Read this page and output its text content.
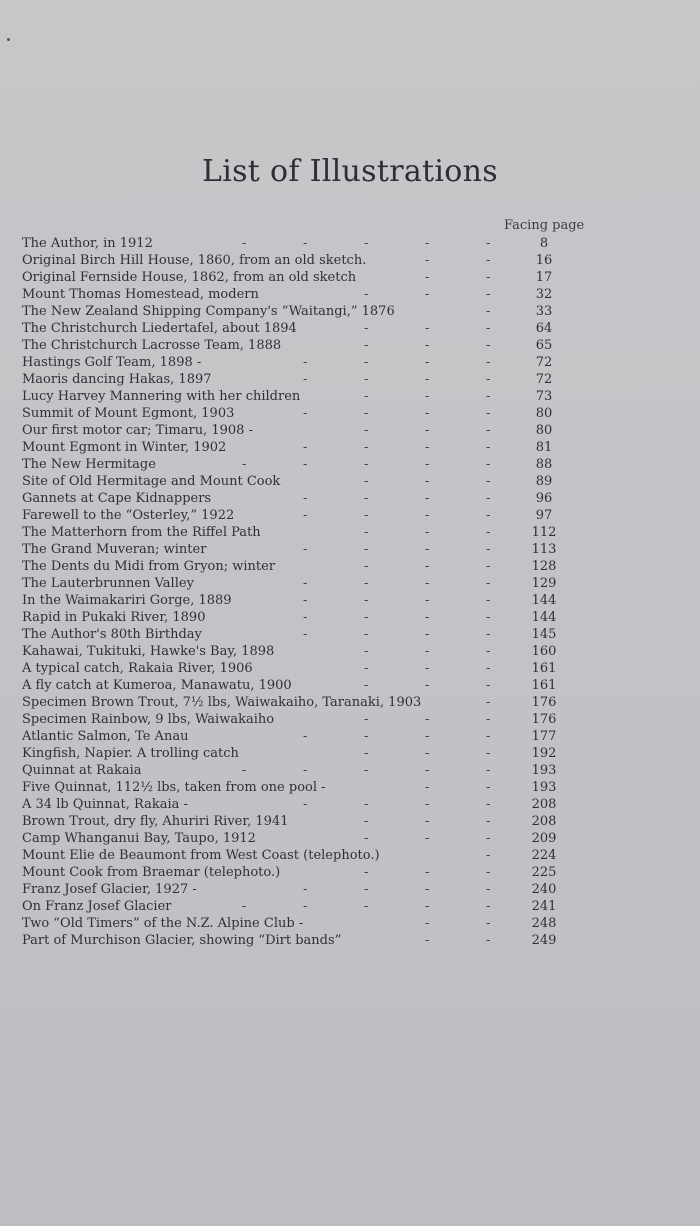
List of Illustrations
Facing page
The Author, in 1912	-	-	-	-	-	8
Original Birch Hill House, 1860, from an old sketch.	-	-	16
Original Fernside House, 1862, from an old sketch	-	-	17
Mount Thomas Homestead, modern	-	-	-	32
The New Zealand Shipping Company's “Waitangi,” 1876	-	33
The Christchurch Liedertafel, about 1894	-	-	-	64
The Christchurch Lacrosse Team, 1888	-	-	-	65
Hastings Golf Team, 1898 -	-	-	-	-	72
Maoris dancing Hakas, 1897	-	-	-	-	72
Lucy Harvey Mannering with her children	-	-	-	73
Summit of Mount Egmont, 1903	-	-	-	-	80
Our first motor car; Timaru, 1908 -	-	-	-	80
Mount Egmont in Winter, 1902	-	-	-	-	81
The New Hermitage	-	-	-	-	-	88
Site of Old Hermitage and Mount Cook	-	-	-	89
Gannets at Cape Kidnappers	-	-	-	-	96
Farewell to the “Osterley,” 1922	-	-	-	-	97
The Matterhorn from the Riffel Path	-	-	-	112
The Grand Muveran; winter	-	-	-	-	113
The Dents du Midi from Gryon; winter	-	-	-	128
The Lauterbrunnen Valley	-	-	-	-	129
In the Waimakariri Gorge, 1889	-	-	-	-	144
Rapid in Pukaki River, 1890	-	-	-	-	144
The Author's 80th Birthday	-	-	-	-	145
Kahawai, Tukituki, Hawke's Bay, 1898	-	-	-	160
A typical catch, Rakaia River, 1906	-	-	-	161
A fly catch at Kumeroa, Manawatu, 1900	-	-	-	161
Specimen Brown Trout, 7½ lbs, Waiwakaiho, Taranaki, 1903	-	176
Specimen Rainbow, 9 lbs, Waiwakaiho	-	-	-	176
Atlantic Salmon, Te Anau	-	-	-	-	177
Kingfish, Napier. A trolling catch	-	-	-	192
Quinnat at Rakaia	-	-	-	-	-	193
Five Quinnat, 112½ lbs, taken from one pool -	-	-	193
A 34 lb Quinnat, Rakaia -	-	-	-	-	208
Brown Trout, dry fly, Ahuriri River, 1941	-	-	-	208
Camp Whanganui Bay, Taupo, 1912	-	-	-	209
Mount Elie de Beaumont from West Coast (telephoto.)	-	224
Mount Cook from Braemar (telephoto.)	-	-	-	225
Franz Josef Glacier, 1927 -	-	-	-	-	240
On Franz Josef Glacier	-	-	-	-	-	241
Two “Old Timers” of the N.Z. Alpine Club -	-	-	248
Part of Murchison Glacier, showing “Dirt bands”	-	-	249
